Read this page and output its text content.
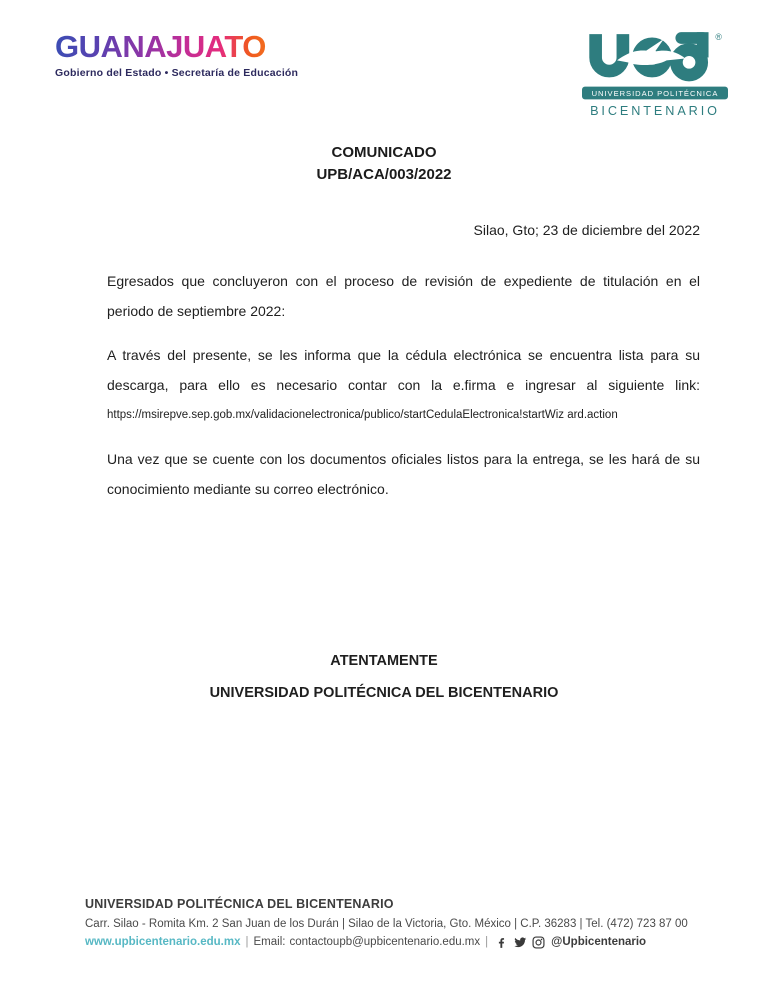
GUANAJUATO
Gobierno del Estado • Secretaría de Educación
®
UNIVERSIDAD POLITÉCNICA
BICENTENARIO
COMUNICADO
UPB/ACA/003/2022
Silao, Gto; 23 de diciembre del 2022

Egresados que concluyeron con el proceso de revisión de expediente de titulación en el periodo de septiembre 2022:

A través del presente, se les informa que la cédula electrónica se encuentra lista para su descarga, para ello es necesario contar con la e.firma e ingresar al siguiente link:
https://msirepve.sep.gob.mx/validacionelectronica/publico/startCedulaElectronica!startWiz ard.action

Una vez que se cuente con los documentos oficiales listos para la entrega, se les hará de su conocimiento mediante su correo electrónico.

ATENTAMENTE
UNIVERSIDAD POLITÉCNICA DEL BICENTENARIO
UNIVERSIDAD POLITÉCNICA DEL BICENTENARIO
Carr. Silao - Romita Km. 2 San Juan de los Durán | Silao de la Victoria, Gto. México | C.P. 36283 | Tel. (472) 723 87 00
www.upbicentenario.edu.mx | Email: contactoupb@upbicentenario.edu.mx |	@Upbicentenario
